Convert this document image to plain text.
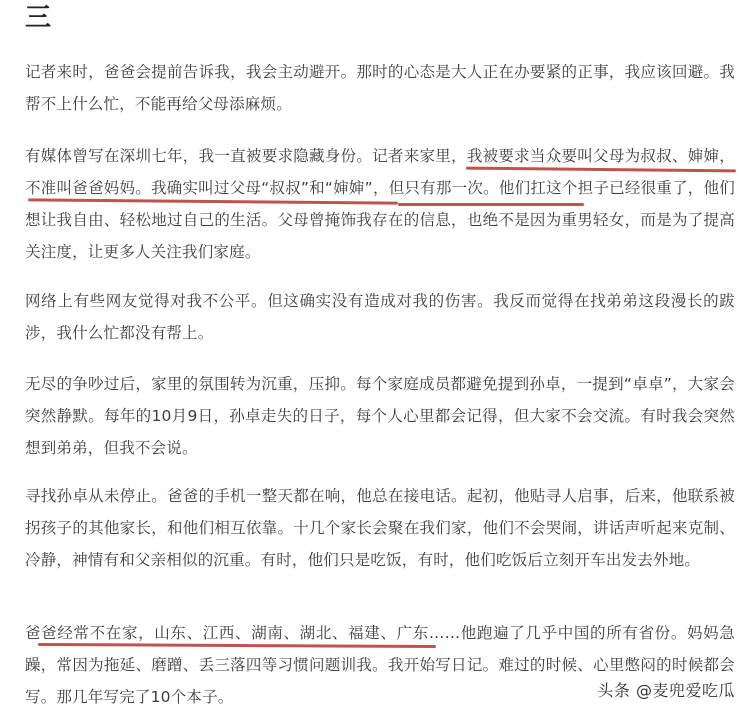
三

记者来时，爸爸会提前告诉我，我会主动避开。那时的心态是大人正在办要紧的正事，我应该回避。我帮不上什么忙，不能再给父母添麻烦。

有媒体曾写在深圳七年，我一直被要求隐藏身份。记者来家里，我被要求当众要叫父母为叔叔、婶婶，不准叫爸爸妈妈。我确实叫过父母“叔叔”和“婶婶”，但只有那一次。他们扛这个担子已经很重了，他们想让我自由、轻松地过自己的生活。父母曾掩饰我存在的信息，也绝不是因为重男轻女，而是为了提高关注度，让更多人关注我们家庭。

网络上有些网友觉得对我不公平。但这确实没有造成对我的伤害。我反而觉得在找弟弟这段漫长的跋涉，我什么忙都没有帮上。

无尽的争吵过后，家里的氛围转为沉重，压抑。每个家庭成员都避免提到孙卓，一提到“卓卓”，大家会突然静默。每年的10月9日，孙卓走失的日子，每个人心里都会记得，但大家不会交流。有时我会突然想到弟弟，但我不会说。

寻找孙卓从未停止。爸爸的手机一整天都在响，他总在接电话。起初，他贴寻人启事，后来，他联系被拐孩子的其他家长，和他们相互依靠。十几个家长会聚在我们家，他们不会哭闹，讲话声听起来克制、冷静，神情有和父亲相似的沉重。有时，他们只是吃饭，有时，他们吃饭后立刻开车出发去外地。

爸爸经常不在家，山东、江西、湖南、湖北、福建、广东……他跑遍了几乎中国的所有省份。妈妈急躁，常因为拖延、磨蹭、丢三落四等习惯问题训我。我开始写日记。难过的时候、心里憋闷的时候都会写。那几年写完了10个本子。	头条 @麦兜爱吃瓜
